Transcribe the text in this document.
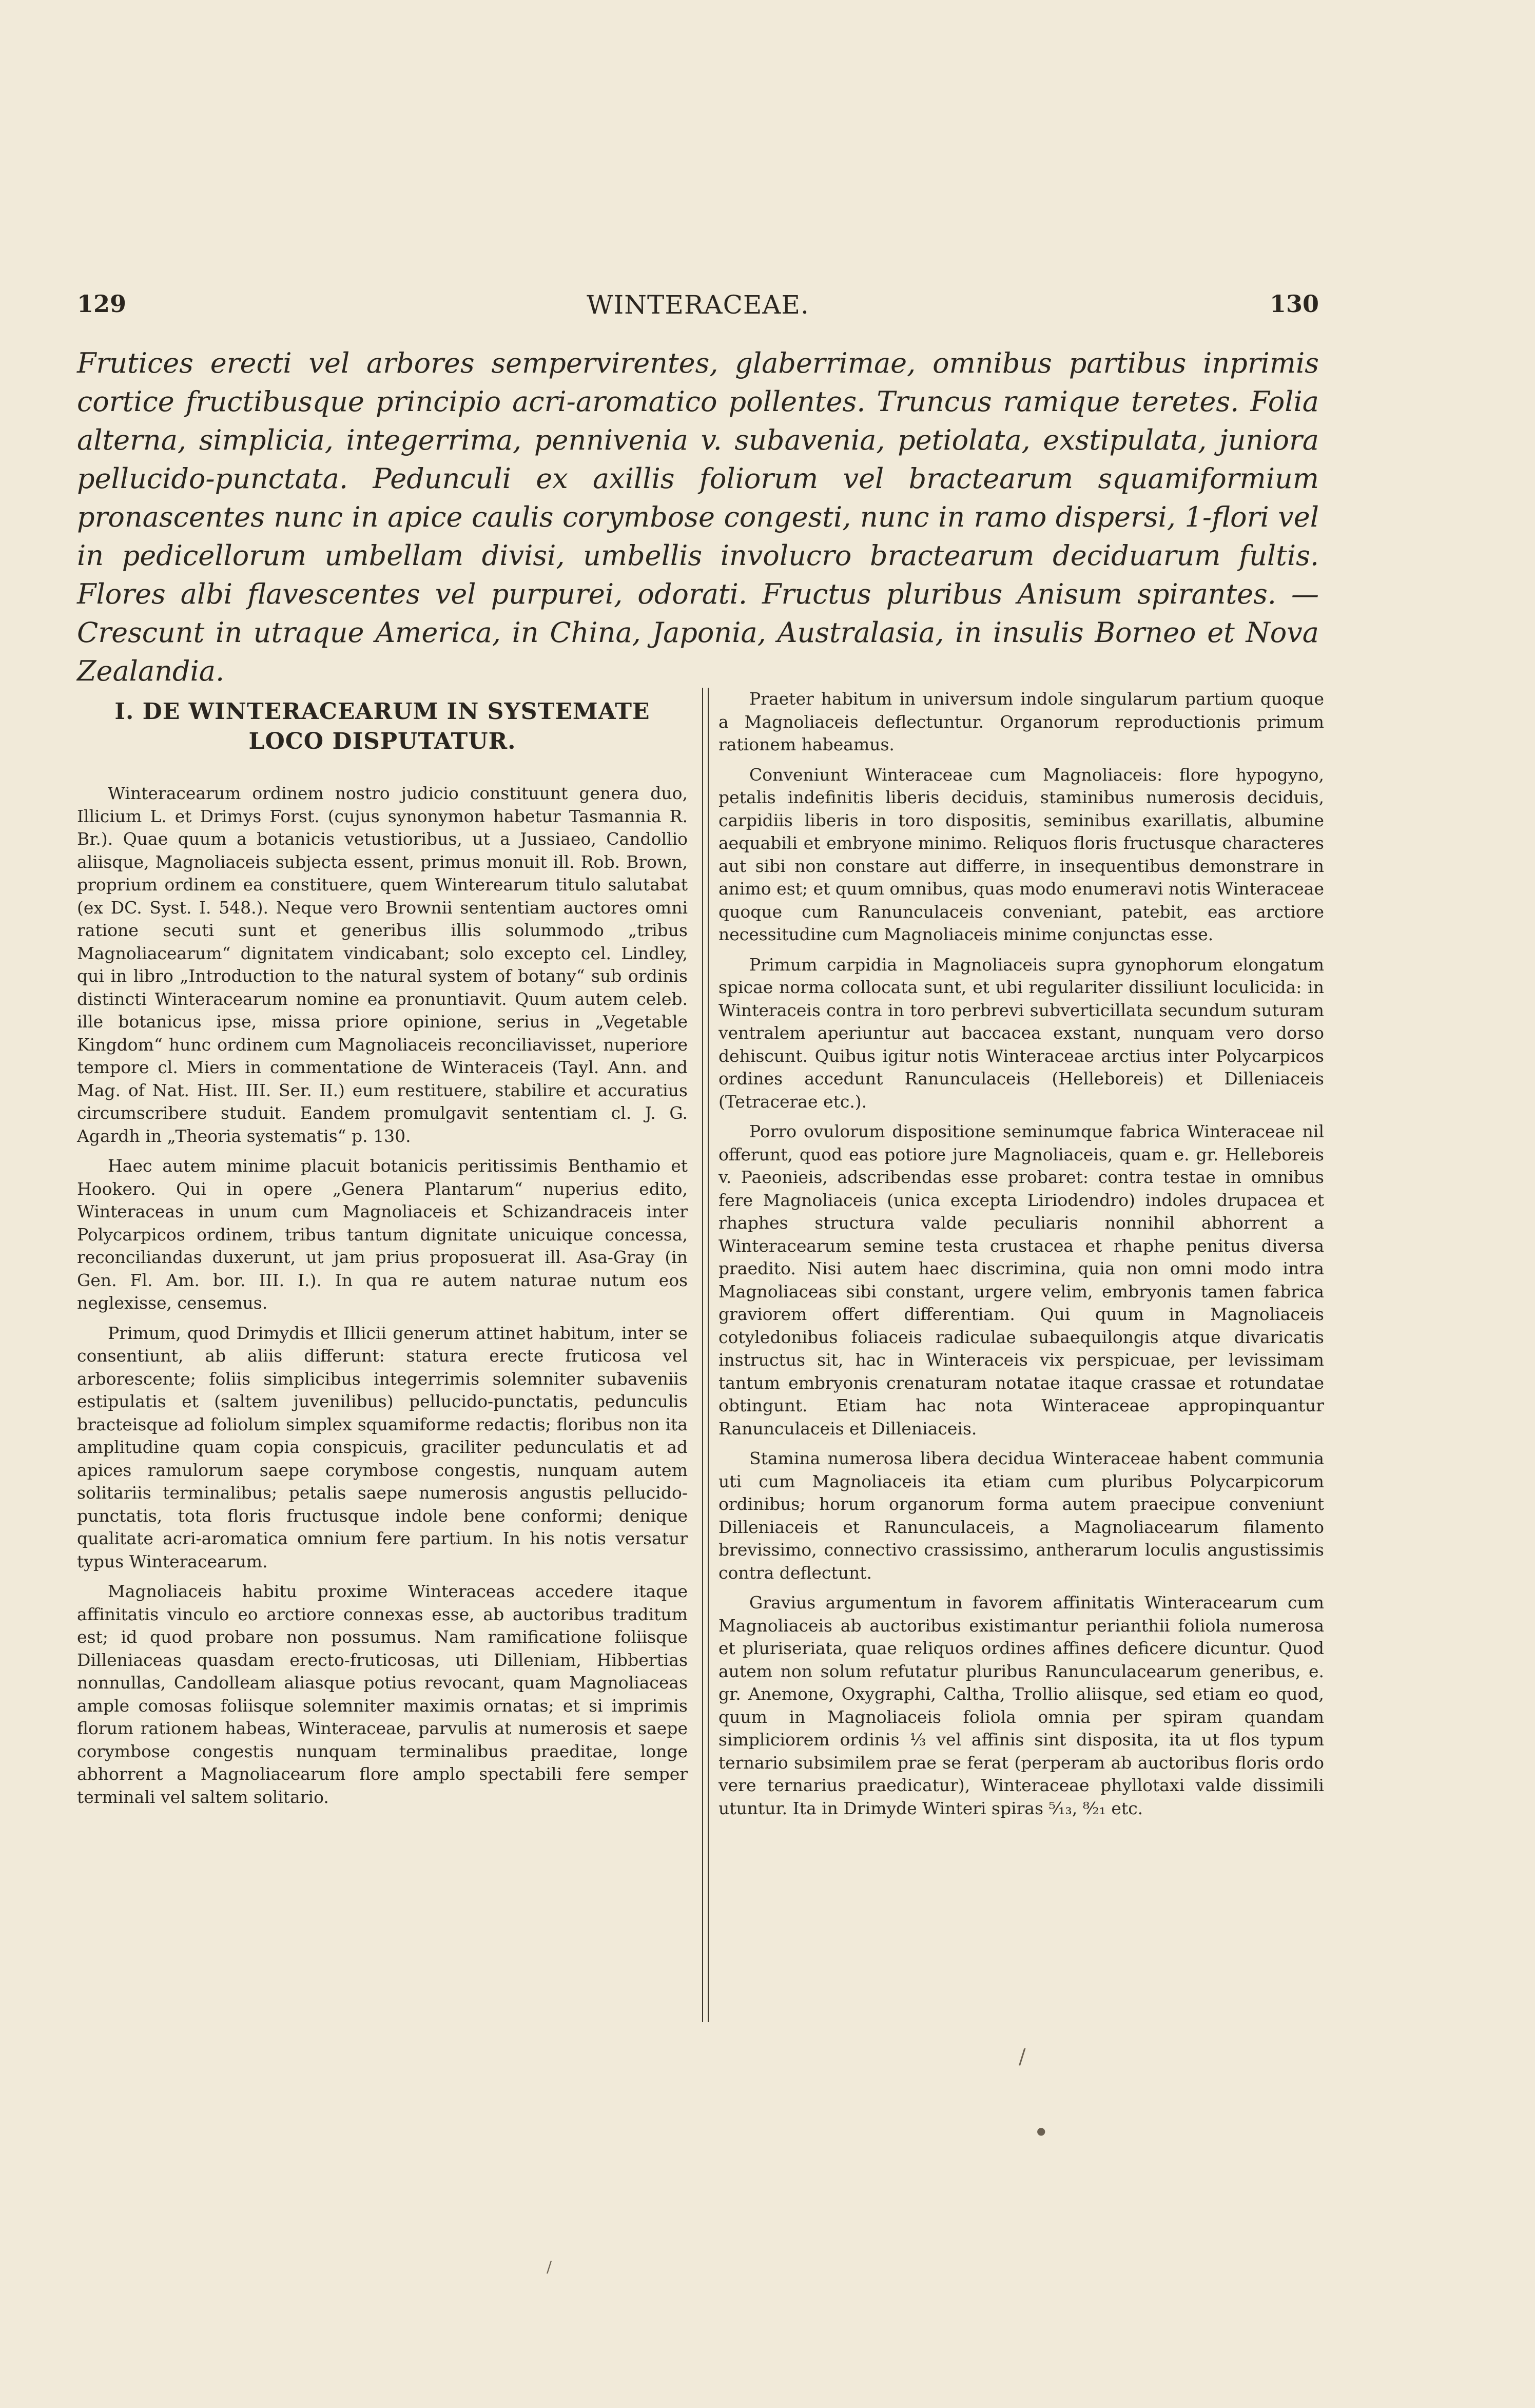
129	WINTERACEAE.	130
Frutices erecti vel arbores sempervirentes, glaberrimae, omnibus partibus inprimis cortice fructibusque principio acri-aromatico pollentes. Truncus ramique teretes. Folia alterna, simplicia, integerrima, pennivenia v. subavenia, petiolata, exstipulata, juniora pellucido-punctata. Pedunculi ex axillis foliorum vel bractearum squamiformium pronascentes nunc in apice caulis corymbose congesti, nunc in ramo dispersi, 1-flori vel in pedicellorum umbellam divisi, umbellis involucro bractearum deciduarum fultis. Flores albi flavescentes vel purpurei, odorati. Fructus pluribus Anisum spirantes. — Crescunt in utraque America, in China, Japonia, Australasia, in insulis Borneo et Nova Zealandia.
I. DE WINTERACEARUM IN SYSTEMATE LOCO DISPUTATUR.

Winteracearum ordinem nostro judicio constituunt genera duo, Illicium L. et Drimys Forst. (cujus synonymon habetur Tasmannia R. Br.). Quae quum a botanicis vetustioribus, ut a Jussiaeo, Candollio aliisque, Magnoliaceis subjecta essent, primus monuit ill. Rob. Brown, proprium ordinem ea constituere, quem Winterearum titulo salutabat (ex DC. Syst. I. 548.). Neque vero Brownii sententiam auctores omni ratione secuti sunt et generibus illis solummodo „tribus Magnoliacearum“ dignitatem vindicabant; solo excepto cel. Lindley, qui in libro „Introduction to the natural system of botany“ sub ordinis distincti Winteracearum nomine ea pronuntiavit. Quum autem celeb. ille botanicus ipse, missa priore opinione, serius in „Vegetable Kingdom“ hunc ordinem cum Magnoliaceis reconciliavisset, nuperiore tempore cl. Miers in commentatione de Winteraceis (Tayl. Ann. and Mag. of Nat. Hist. III. Ser. II.) eum restituere, stabilire et accuratius circumscribere studuit. Eandem promulgavit sententiam cl. J. G. Agardh in „Theoria systematis“ p. 130.

Haec autem minime placuit botanicis peritissimis Benthamio et Hookero. Qui in opere „Genera Plantarum“ nuperius edito, Winteraceas in unum cum Magnoliaceis et Schizandraceis inter Polycarpicos ordinem, tribus tantum dignitate unicuique concessa, reconciliandas duxerunt, ut jam prius proposuerat ill. Asa-Gray (in Gen. Fl. Am. bor. III. I.). In qua re autem naturae nutum eos neglexisse, censemus.

Primum, quod Drimydis et Illicii generum attinet habitum, inter se consentiunt, ab aliis differunt: statura erecte fruticosa vel arborescente; foliis simplicibus integerrimis solemniter subaveniis estipulatis et (saltem juvenilibus) pellucido-punctatis, pedunculis bracteisque ad foliolum simplex squamiforme redactis; floribus non ita amplitudine quam copia conspicuis, graciliter pedunculatis et ad apices ramulorum saepe corymbose congestis, nunquam autem solitariis terminalibus; petalis saepe numerosis angustis pellucido-punctatis, tota floris fructusque indole bene conformi; denique qualitate acri-aromatica omnium fere partium. In his notis versatur typus Winteracearum.

Magnoliaceis habitu proxime Winteraceas accedere itaque affinitatis vinculo eo arctiore connexas esse, ab auctoribus traditum est; id quod probare non possumus. Nam ramificatione foliisque Dilleniaceas quasdam erecto-fruticosas, uti Dilleniam, Hibbertias nonnullas, Candolleam aliasque potius revocant, quam Magnoliaceas ample comosas foliisque solemniter maximis ornatas; et si imprimis florum rationem habeas, Winteraceae, parvulis at numerosis et saepe corymbose congestis nunquam terminalibus praeditae, longe abhorrent a Magnoliacearum flore amplo spectabili fere semper terminali vel saltem solitario.

Praeter habitum in universum indole singularum partium quoque a Magnoliaceis deflectuntur. Organorum reproductionis primum rationem habeamus.

Conveniunt Winteraceae cum Magnoliaceis: flore hypogyno, petalis indefinitis liberis deciduis, staminibus numerosis deciduis, carpidiis liberis in toro dispositis, seminibus exarillatis, albumine aequabili et embryone minimo. Reliquos floris fructusque characteres aut sibi non constare aut differre, in insequentibus demonstrare in animo est; et quum omnibus, quas modo enumeravi notis Winteraceae quoque cum Ranunculaceis conveniant, patebit, eas arctiore necessitudine cum Magnoliaceis minime conjunctas esse.

Primum carpidia in Magnoliaceis supra gynophorum elongatum spicae norma collocata sunt, et ubi regulariter dissiliunt loculicida: in Winteraceis contra in toro perbrevi subverticillata secundum suturam ventralem aperiuntur aut baccacea exstant, nunquam vero dorso dehiscunt. Quibus igitur notis Winteraceae arctius inter Polycarpicos ordines accedunt Ranunculaceis (Helleboreis) et Dilleniaceis (Tetracerae etc.).

Porro ovulorum dispositione seminumque fabrica Winteraceae nil offerunt, quod eas potiore jure Magnoliaceis, quam e. gr. Helleboreis v. Paeonieis, adscribendas esse probaret: contra testae in omnibus fere Magnoliaceis (unica excepta Liriodendro) indoles drupacea et rhaphes structura valde peculiaris nonnihil abhorrent a Winteracearum semine testa crustacea et rhaphe penitus diversa praedito. Nisi autem haec discrimina, quia non omni modo intra Magnoliaceas sibi constant, urgere velim, embryonis tamen fabrica graviorem offert differentiam. Qui quum in Magnoliaceis cotyledonibus foliaceis radiculae subaequilongis atque divaricatis instructus sit, hac in Winteraceis vix perspicuae, per levissimam tantum embryonis crenaturam notatae itaque crassae et rotundatae obtingunt. Etiam hac nota Winteraceae appropinquantur Ranunculaceis et Dilleniaceis.

Stamina numerosa libera decidua Winteraceae habent communia uti cum Magnoliaceis ita etiam cum pluribus Polycarpicorum ordinibus; horum organorum forma autem praecipue conveniunt Dilleniaceis et Ranunculaceis, a Magnoliacearum filamento brevissimo, connectivo crassissimo, antherarum loculis angustissimis contra deflectunt.

Gravius argumentum in favorem affinitatis Winteracearum cum Magnoliaceis ab auctoribus existimantur perianthii foliola numerosa et pluriseriata, quae reliquos ordines affines deficere dicuntur. Quod autem non solum refutatur pluribus Ranunculacearum generibus, e. gr. Anemone, Oxygraphi, Caltha, Trollio aliisque, sed etiam eo quod, quum in Magnoliaceis foliola omnia per spiram quandam simpliciorem ordinis ⅓ vel affinis sint disposita, ita ut flos typum ternario subsimilem prae se ferat (perperam ab auctoribus floris ordo vere ternarius praedicatur), Winteraceae phyllotaxi valde dissimili utuntur. Ita in Drimyde Winteri spiras ⁵⁄₁₃, ⁸⁄₂₁ etc.

/
●
/
